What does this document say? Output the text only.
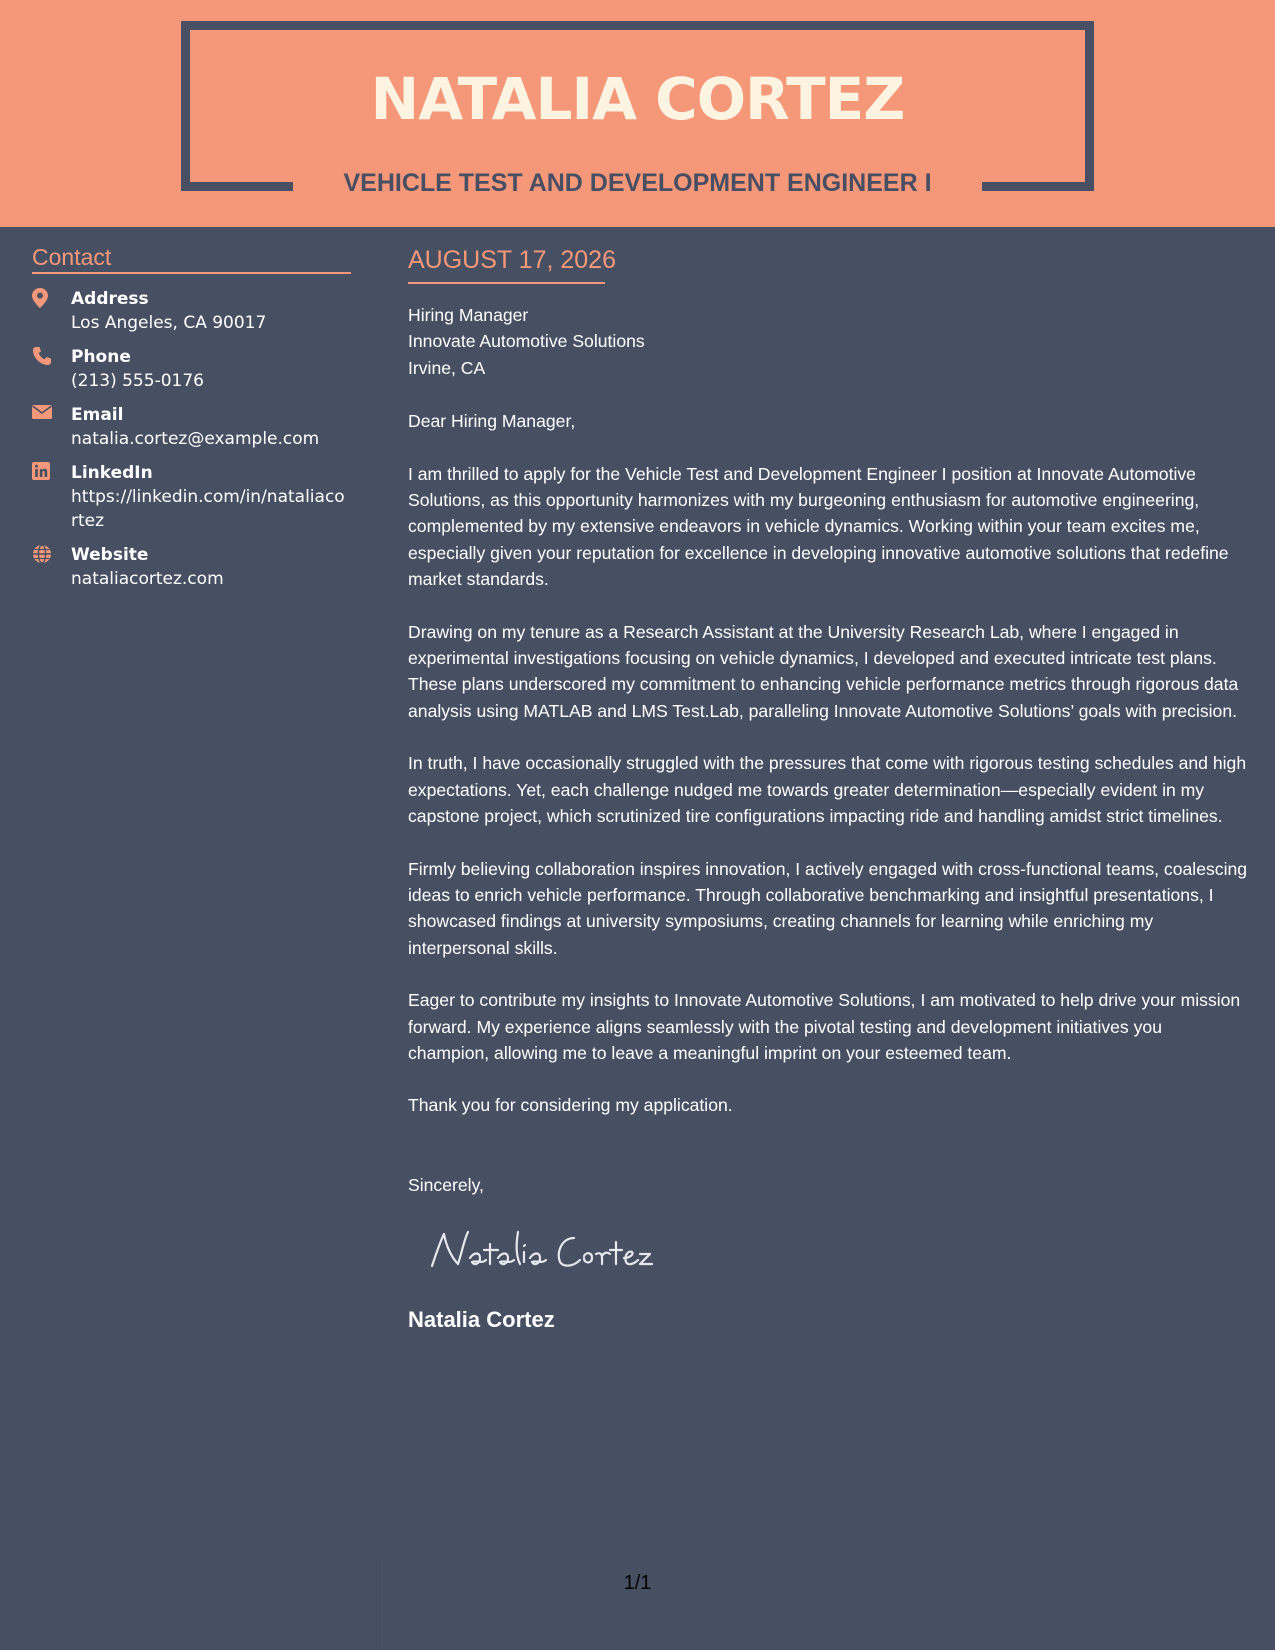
NATALIA CORTEZ
VEHICLE TEST AND DEVELOPMENT ENGINEER I
Contact
Address
Los Angeles, CA 90017
Phone
(213) 555-0176
Email
natalia.cortez@example.com
LinkedIn
https://linkedin.com/in/nataliacortez
Website
nataliacortez.com
AUGUST 17, 2026

Hiring Manager

Innovate Automotive Solutions

Irvine, CA

Dear Hiring Manager,

I am thrilled to apply for the Vehicle Test and Development Engineer I position at Innovate Automotive Solutions, as this opportunity harmonizes with my burgeoning enthusiasm for automotive engineering, complemented by my extensive endeavors in vehicle dynamics. Working within your team excites me, especially given your reputation for excellence in developing innovative automotive solutions that redefine market standards.

Drawing on my tenure as a Research Assistant at the University Research Lab, where I engaged in experimental investigations focusing on vehicle dynamics, I developed and executed intricate test plans. These plans underscored my commitment to enhancing vehicle performance metrics through rigorous data analysis using MATLAB and LMS Test.Lab, paralleling Innovate Automotive Solutions’ goals with precision.

In truth, I have occasionally struggled with the pressures that come with rigorous testing schedules and high expectations. Yet, each challenge nudged me towards greater determination—especially evident in my capstone project, which scrutinized tire configurations impacting ride and handling amidst strict timelines.

Firmly believing collaboration inspires innovation, I actively engaged with cross-functional teams, coalescing ideas to enrich vehicle performance. Through collaborative benchmarking and insightful presentations, I showcased findings at university symposiums, creating channels for learning while enriching my interpersonal skills.

Eager to contribute my insights to Innovate Automotive Solutions, I am motivated to help drive your mission forward. My experience aligns seamlessly with the pivotal testing and development initiatives you champion, allowing me to leave a meaningful imprint on your esteemed team.

Thank you for considering my application.

Sincerely,

Natalia Cortez
1/1
